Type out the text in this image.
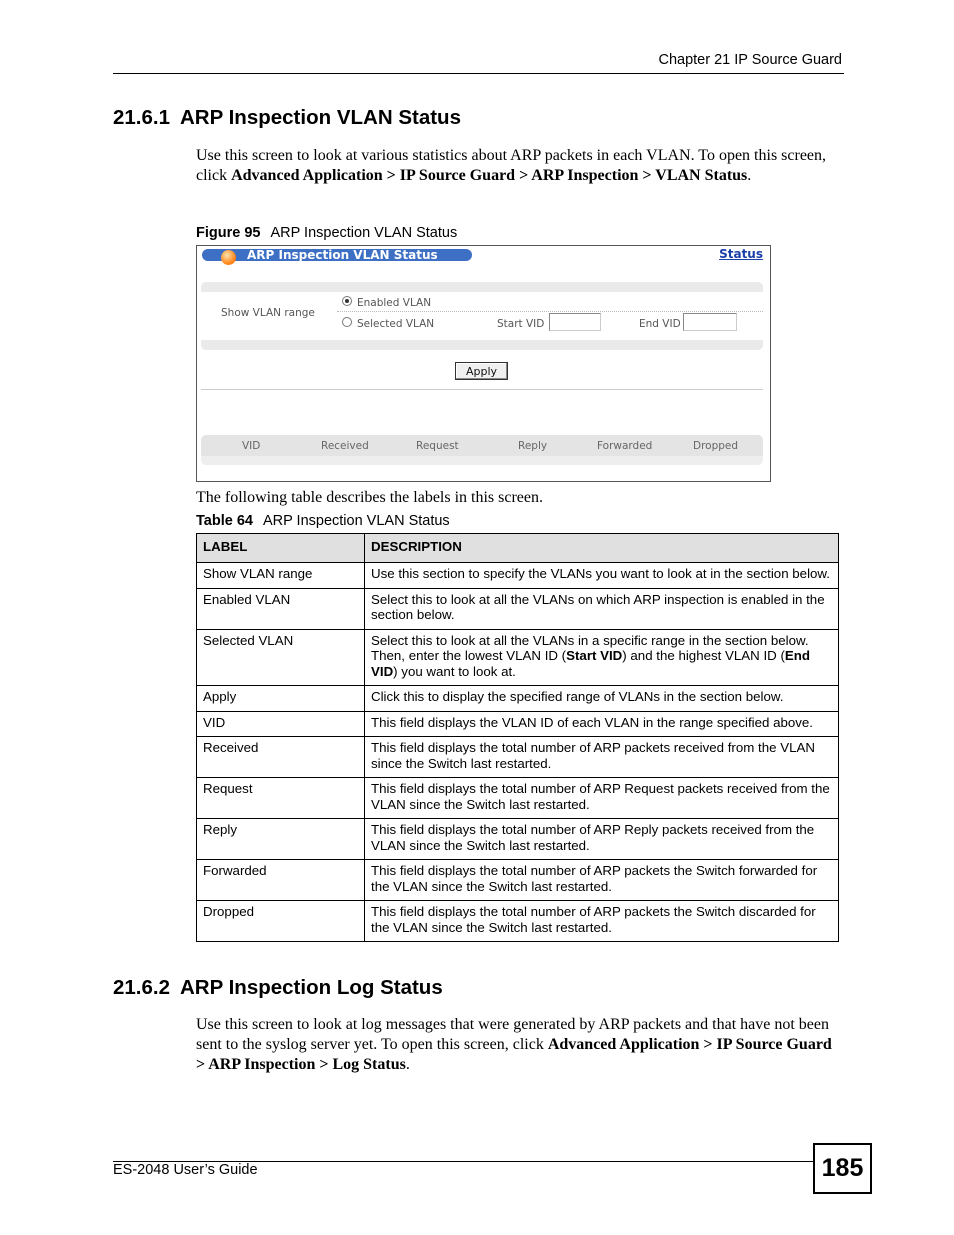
Chapter 21 IP Source Guard
21.6.1 ARP Inspection VLAN Status

Use this screen to look at various statistics about ARP packets in each VLAN. To open this screen, click Advanced Application > IP Source Guard > ARP Inspection > VLAN Status.

Figure 95 ARP Inspection VLAN Status
ARP Inspection VLAN Status	Status
Show VLAN range
Enabled VLAN
Selected VLAN	Start VID	End VID
Apply
VID	Received	Request	Reply	Forwarded	Dropped

The following table describes the labels in this screen.

Table 64 ARP Inspection VLAN Status
LABEL	DESCRIPTION
Show VLAN range	Use this section to specify the VLANs you want to look at in the section below.
Enabled VLAN	Select this to look at all the VLANs on which ARP inspection is enabled in the section below.
Selected VLAN	Select this to look at all the VLANs in a specific range in the section below. Then, enter the lowest VLAN ID (Start VID) and the highest VLAN ID (End VID) you want to look at.
Apply	Click this to display the specified range of VLANs in the section below.
VID	This field displays the VLAN ID of each VLAN in the range specified above.
Received	This field displays the total number of ARP packets received from the VLAN since the Switch last restarted.
Request	This field displays the total number of ARP Request packets received from the VLAN since the Switch last restarted.
Reply	This field displays the total number of ARP Reply packets received from the VLAN since the Switch last restarted.
Forwarded	This field displays the total number of ARP packets the Switch forwarded for the VLAN since the Switch last restarted.
Dropped	This field displays the total number of ARP packets the Switch discarded for the VLAN since the Switch last restarted.
21.6.2 ARP Inspection Log Status

Use this screen to look at log messages that were generated by ARP packets and that have not been sent to the syslog server yet. To open this screen, click Advanced Application > IP Source Guard > ARP Inspection > Log Status.

ES-2048 User’s Guide	185
